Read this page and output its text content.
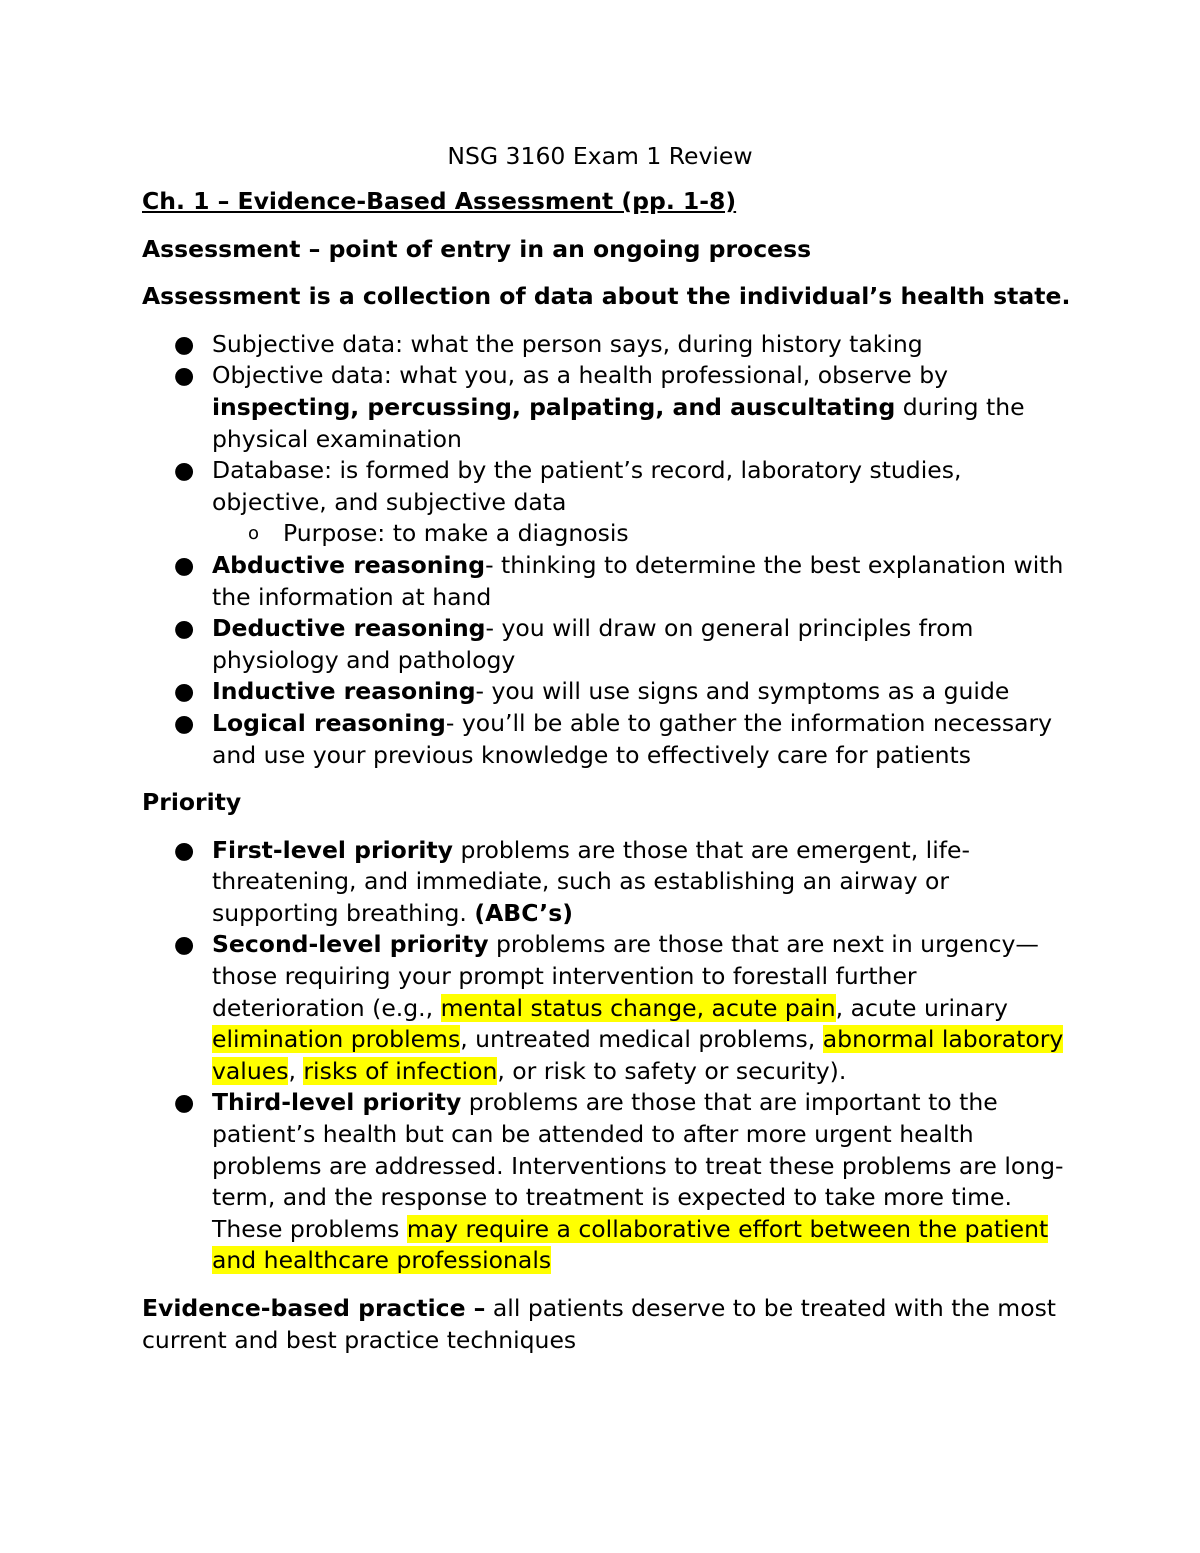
NSG 3160 Exam 1 Review

Ch. 1 – Evidence-Based Assessment (pp. 1-8)

Assessment – point of entry in an ongoing process

Assessment is a collection of data about the individual’s health state.

● Subjective data: what the person says, during history taking
● Objective data: what you, as a health professional, observe by inspecting, percussing, palpating, and auscultating during the physical examination
● Database: is formed by the patient’s record, laboratory studies, objective, and subjective data
o Purpose: to make a diagnosis
● Abductive reasoning- thinking to determine the best explanation with the information at hand
● Deductive reasoning- you will draw on general principles from physiology and pathology
● Inductive reasoning- you will use signs and symptoms as a guide
● Logical reasoning- you’ll be able to gather the information necessary and use your previous knowledge to effectively care for patients

Priority

● First-level priority problems are those that are emergent, life-threatening, and immediate, such as establishing an airway or supporting breathing. (ABC’s)
● Second-level priority problems are those that are next in urgency—those requiring your prompt intervention to forestall further deterioration (e.g., mental status change, acute pain, acute urinary elimination problems, untreated medical problems, abnormal laboratory values, risks of infection, or risk to safety or security).
● Third-level priority problems are those that are important to the patient’s health but can be attended to after more urgent health problems are addressed. Interventions to treat these problems are long-term, and the response to treatment is expected to take more time. These problems may require a collaborative effort between the patient and healthcare professionals

Evidence-based practice – all patients deserve to be treated with the most current and best practice techniques
